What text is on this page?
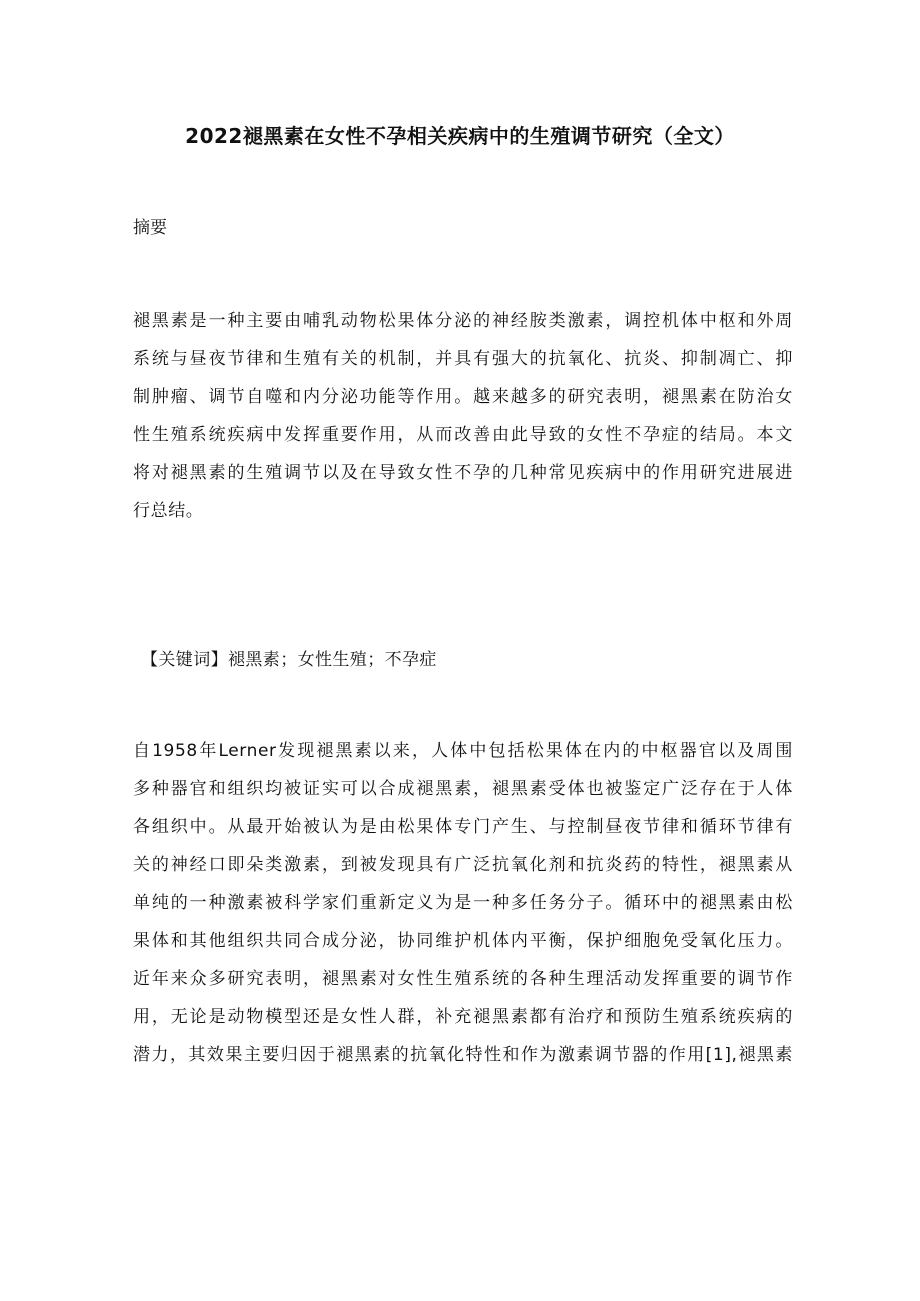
2022褪黑素在女性不孕相关疾病中的生殖调节研究（全文）
摘要
褪黑素是一种主要由哺乳动物松果体分泌的神经胺类激素，调控机体中枢和外周
系统与昼夜节律和生殖有关的机制，并具有强大的抗氧化、抗炎、抑制凋亡、抑
制肿瘤、调节自噬和内分泌功能等作用。越来越多的研究表明，褪黑素在防治女
性生殖系统疾病中发挥重要作用，从而改善由此导致的女性不孕症的结局。本文
将对褪黑素的生殖调节以及在导致女性不孕的几种常见疾病中的作用研究进展进
行总结。
【关键词】褪黑素；女性生殖；不孕症
自1958年Lerner发现褪黑素以来，人体中包括松果体在内的中枢器官以及周围
多种器官和组织均被证实可以合成褪黑素，褪黑素受体也被鉴定广泛存在于人体
各组织中。从最开始被认为是由松果体专门产生、与控制昼夜节律和循环节律有
关的神经口即朵类激素，到被发现具有广泛抗氧化剂和抗炎药的特性，褪黑素从
单纯的一种激素被科学家们重新定义为是一种多任务分子。循环中的褪黑素由松
果体和其他组织共同合成分泌，协同维护机体内平衡，保护细胞免受氧化压力。
近年来众多研究表明，褪黑素对女性生殖系统的各种生理活动发挥重要的调节作
用，无论是动物模型还是女性人群，补充褪黑素都有治疗和预防生殖系统疾病的
潜力，其效果主要归因于褪黑素的抗氧化特性和作为激素调节器的作用[1],褪黑素
